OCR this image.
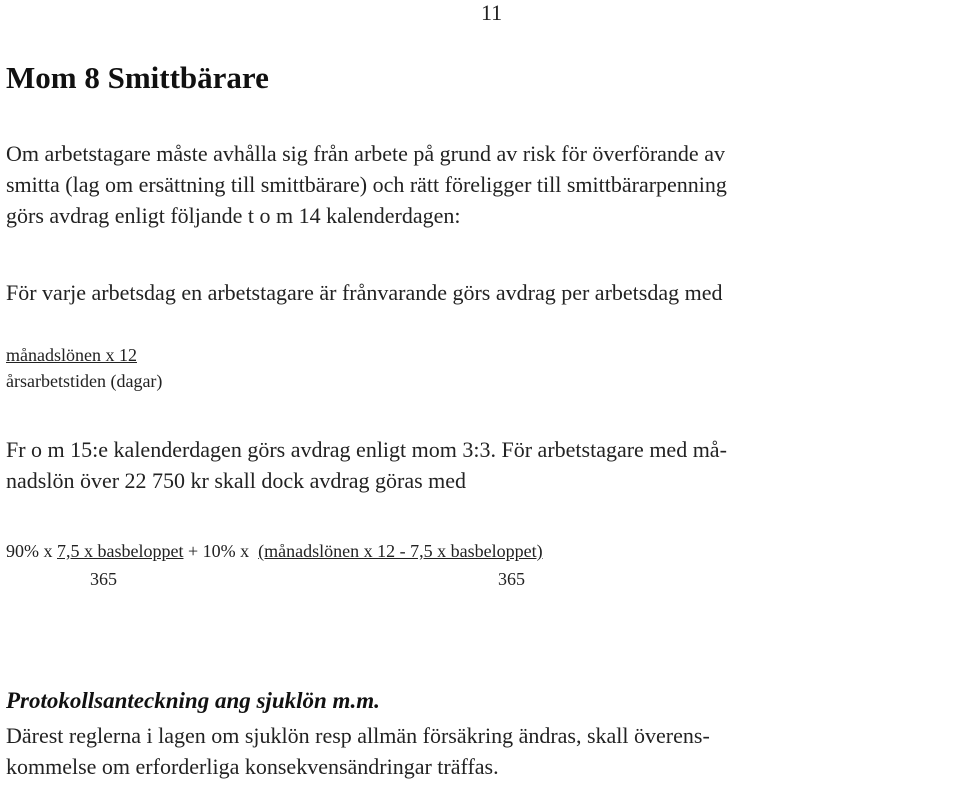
11
Mom 8 Smittbärare
Om arbetstagare måste avhålla sig från arbete på grund av risk för överförande av
smitta (lag om ersättning till smittbärare) och rätt föreligger till smittbärarpenning
görs avdrag enligt följande t o m 14 kalenderdagen:
För varje arbetsdag en arbetstagare är frånvarande görs avdrag per arbetsdag med
månadslönen x 12
årsarbetstiden (dagar)
Fr o m 15:e kalenderdagen görs avdrag enligt mom 3:3. För arbetstagare med må-
nadslön över 22 750 kr skall dock avdrag göras med
90% x 7,5 x basbeloppet + 10% x (månadslönen x 12 - 7,5 x basbeloppet)
365	365
Protokollsanteckning ang sjuklön m.m.
Därest reglerna i lagen om sjuklön resp allmän försäkring ändras, skall överens-
kommelse om erforderliga konsekvensändringar träffas.
